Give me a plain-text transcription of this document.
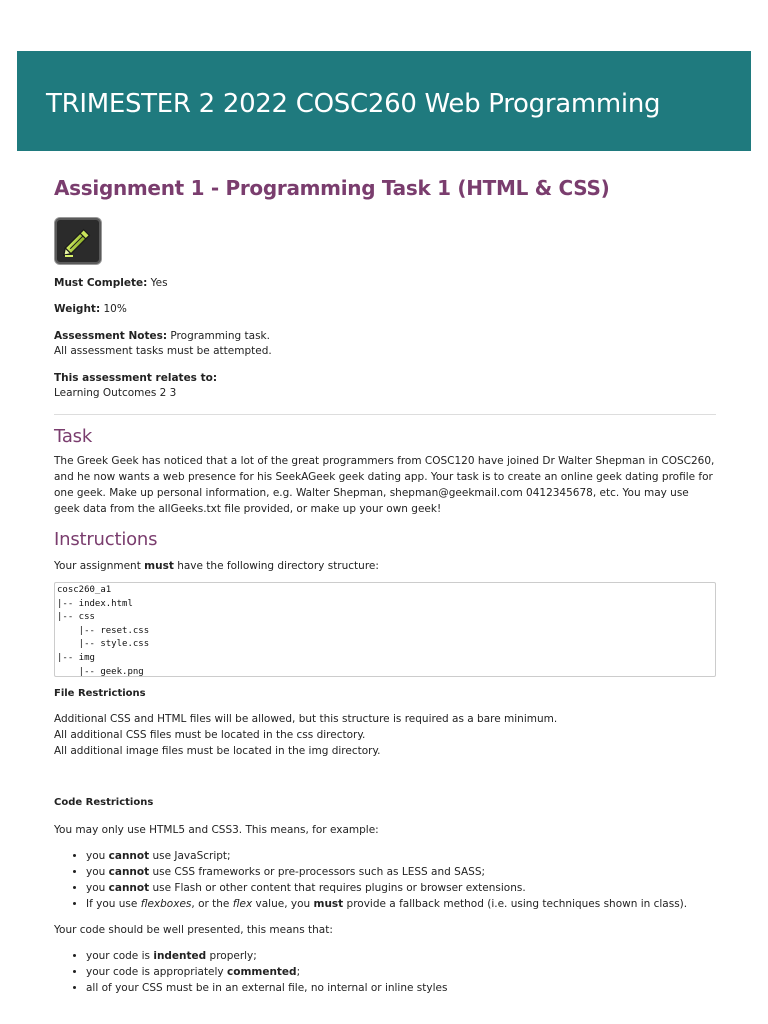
TRIMESTER 2 2022 COSC260 Web Programming
Assignment 1 - Programming Task 1 (HTML & CSS)

Must Complete: Yes

Weight: 10%

Assessment Notes: Programming task.

All assessment tasks must be attempted.

This assessment relates to:

Learning Outcomes 2 3

Task

The Greek Geek has noticed that a lot of the great programmers from COSC120 have joined Dr Walter Shepman in COSC260, and he now wants a web presence for his SeekAGeek geek dating app. Your task is to create an online geek dating profile for one geek. Make up personal information, e.g. Walter Shepman, shepman@geekmail.com 0412345678, etc. You may use geek data from the allGeeks.txt file provided, or make up your own geek!

Instructions

Your assignment must have the following directory structure:

cosc260_a1
|-- index.html
|-- css
|-- reset.css
|-- style.css
|-- img
|-- geek.png
File Restrictions

Additional CSS and HTML files will be allowed, but this structure is required as a bare minimum.

All additional CSS files must be located in the css directory.

All additional image files must be located in the img directory.

Code Restrictions

You may only use HTML5 and CSS3. This means, for example:

• you cannot use JavaScript;
• you cannot use CSS frameworks or pre-processors such as LESS and SASS;
• you cannot use Flash or other content that requires plugins or browser extensions.
• If you use flexboxes, or the flex value, you must provide a fallback method (i.e. using techniques shown in class).

Your code should be well presented, this means that:

• your code is indented properly;
• your code is appropriately commented;
• all of your CSS must be in an external file, no internal or inline styles
